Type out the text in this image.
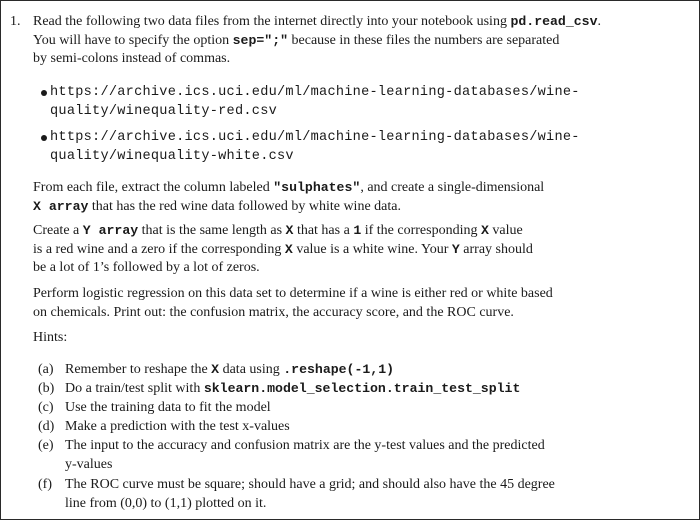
1. Read the following two data files from the internet directly into your notebook using pd.read_csv.
You will have to specify the option sep=";" because in these files the numbers are separated
by semi-colons instead of commas.

https://archive.ics.uci.edu/ml/machine-learning-databases/wine-
quality/winequality-red.csv
https://archive.ics.uci.edu/ml/machine-learning-databases/wine-
quality/winequality-white.csv

From each file, extract the column labeled "sulphates", and create a single-dimensional
X array that has the red wine data followed by white wine data.

Create a Y array that is the same length as X that has a 1 if the corresponding X value
is a red wine and a zero if the corresponding X value is a white wine. Your Y array should
be a lot of 1’s followed by a lot of zeros.

Perform logistic regression on this data set to determine if a wine is either red or white based
on chemicals. Print out: the confusion matrix, the accuracy score, and the ROC curve.

Hints:

(a) Remember to reshape the X data using .reshape(-1,1)
(b) Do a train/test split with sklearn.model_selection.train_test_split
(c) Use the training data to fit the model
(d) Make a prediction with the test x-values
(e) The input to the accuracy and confusion matrix are the y-test values and the predicted
y-values
(f) The ROC curve must be square; should have a grid; and should also have the 45 degree
line from (0,0) to (1,1) plotted on it.
